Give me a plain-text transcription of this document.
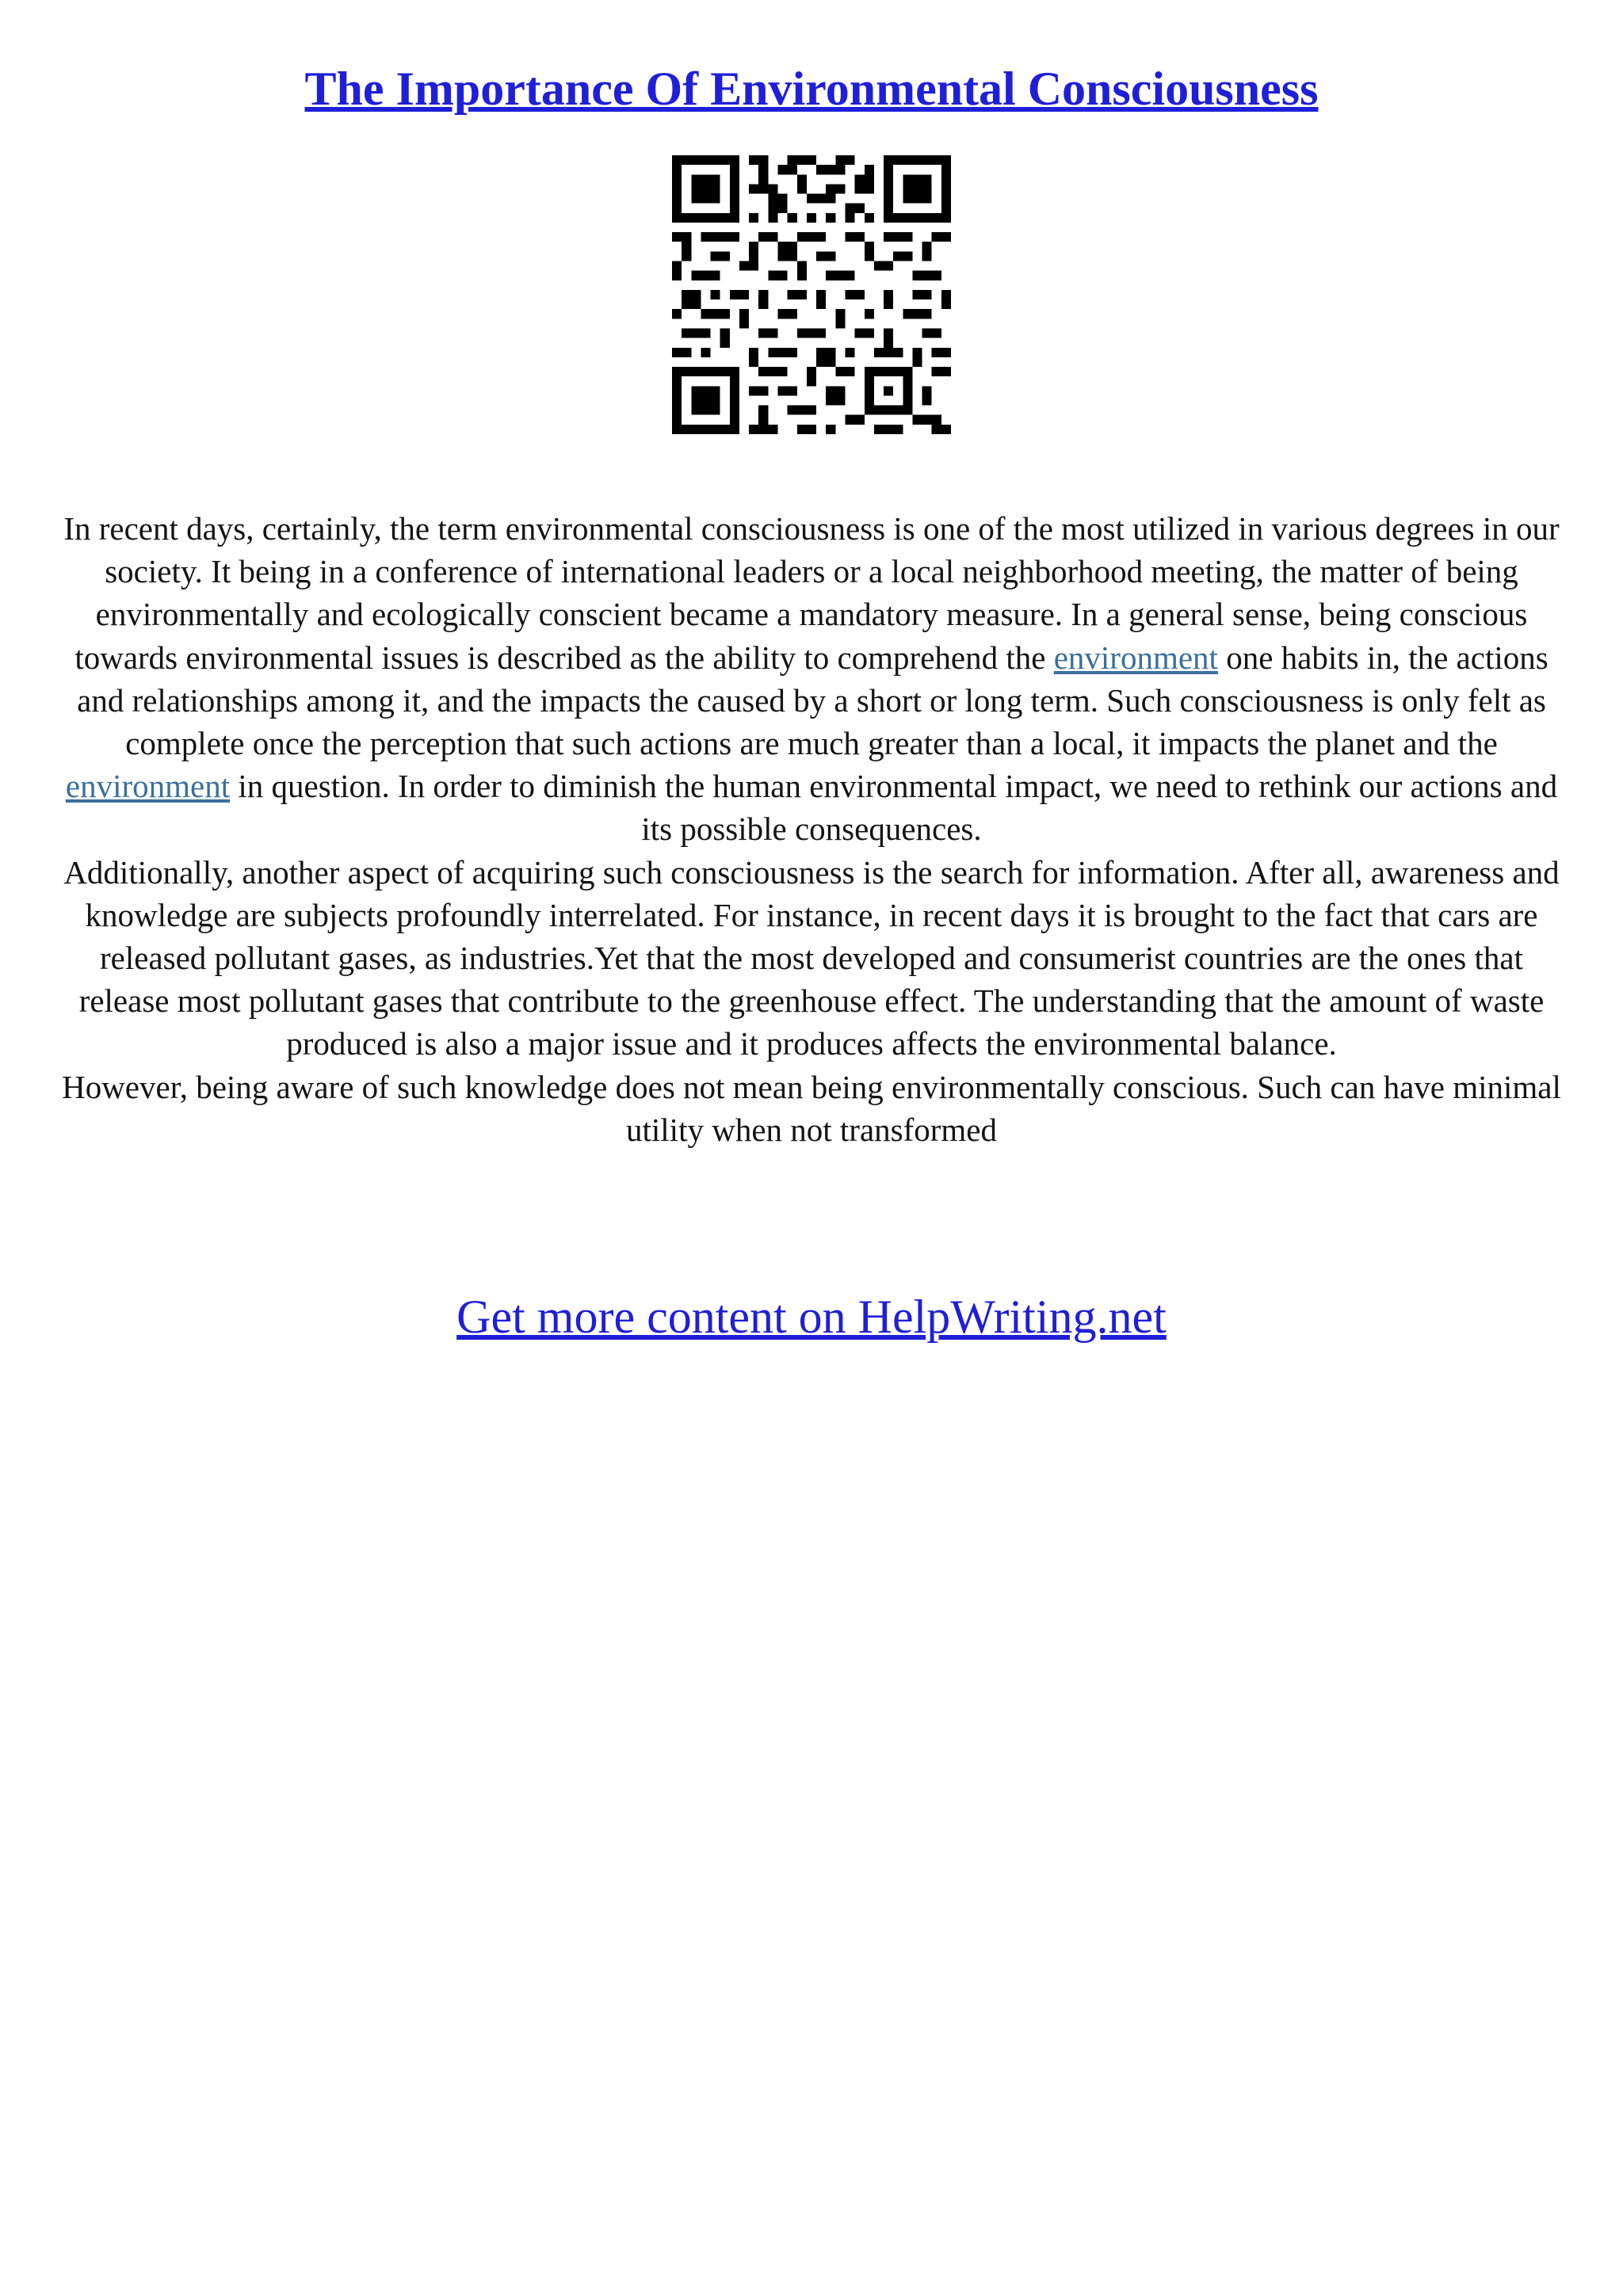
The Importance Of Environmental Consciousness

In recent days, certainly, the term environmental consciousness is one of the most utilized in various degrees in our society. It being in a conference of international leaders or a local neighborhood meeting, the matter of being environmentally and ecologically conscient became a mandatory measure. In a general sense, being conscious towards environmental issues is described as the ability to comprehend the environment one habits in, the actions and relationships among it, and the impacts the caused by a short or long term. Such consciousness is only felt as complete once the perception that such actions are much greater than a local, it impacts the planet and the environment in question. In order to diminish the human environmental impact, we need to rethink our actions and its possible consequences.

Additionally, another aspect of acquiring such consciousness is the search for information. After all, awareness and knowledge are subjects profoundly interrelated. For instance, in recent days it is brought to the fact that cars are released pollutant gases, as industries.Yet that the most developed and consumerist countries are the ones that release most pollutant gases that contribute to the greenhouse effect. The understanding that the amount of waste produced is also a major issue and it produces affects the environmental balance.

However, being aware of such knowledge does not mean being environmentally conscious. Such can have minimal utility when not transformed

Get more content on HelpWriting.net
